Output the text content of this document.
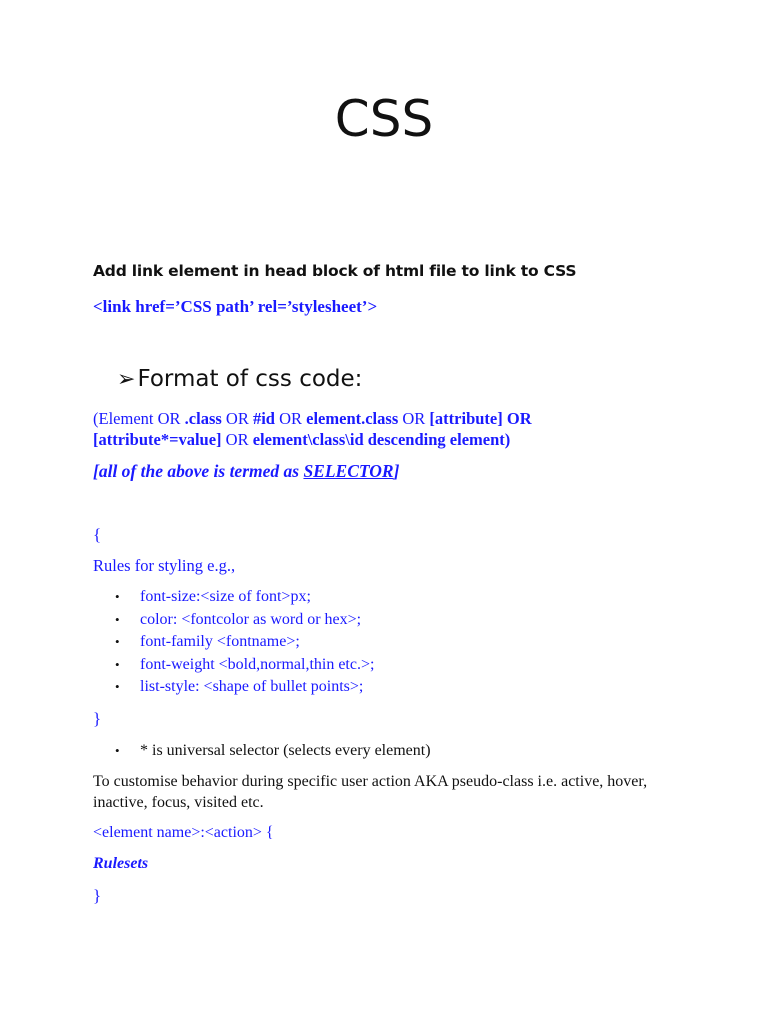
CSS
Add link element in head block of html file to link to CSS
<link href=’CSS path’ rel=’stylesheet’>
➢Format of css code:
(Element OR .class OR #id OR element.class OR [attribute] OR
[attribute*=value] OR element\class\id descending element)
[all of the above is termed as SELECTOR]
{
Rules for styling e.g.,
• font-size:<size of font>px;
• color: <fontcolor as word or hex>;
• font-family <fontname>;
• font-weight <bold,normal,thin etc.>;
• list-style: <shape of bullet points>;
}
• * is universal selector (selects every element)
To customise behavior during specific user action AKA pseudo-class i.e. active, hover, inactive, focus, visited etc.
<element name>:<action> {
Rulesets
}
